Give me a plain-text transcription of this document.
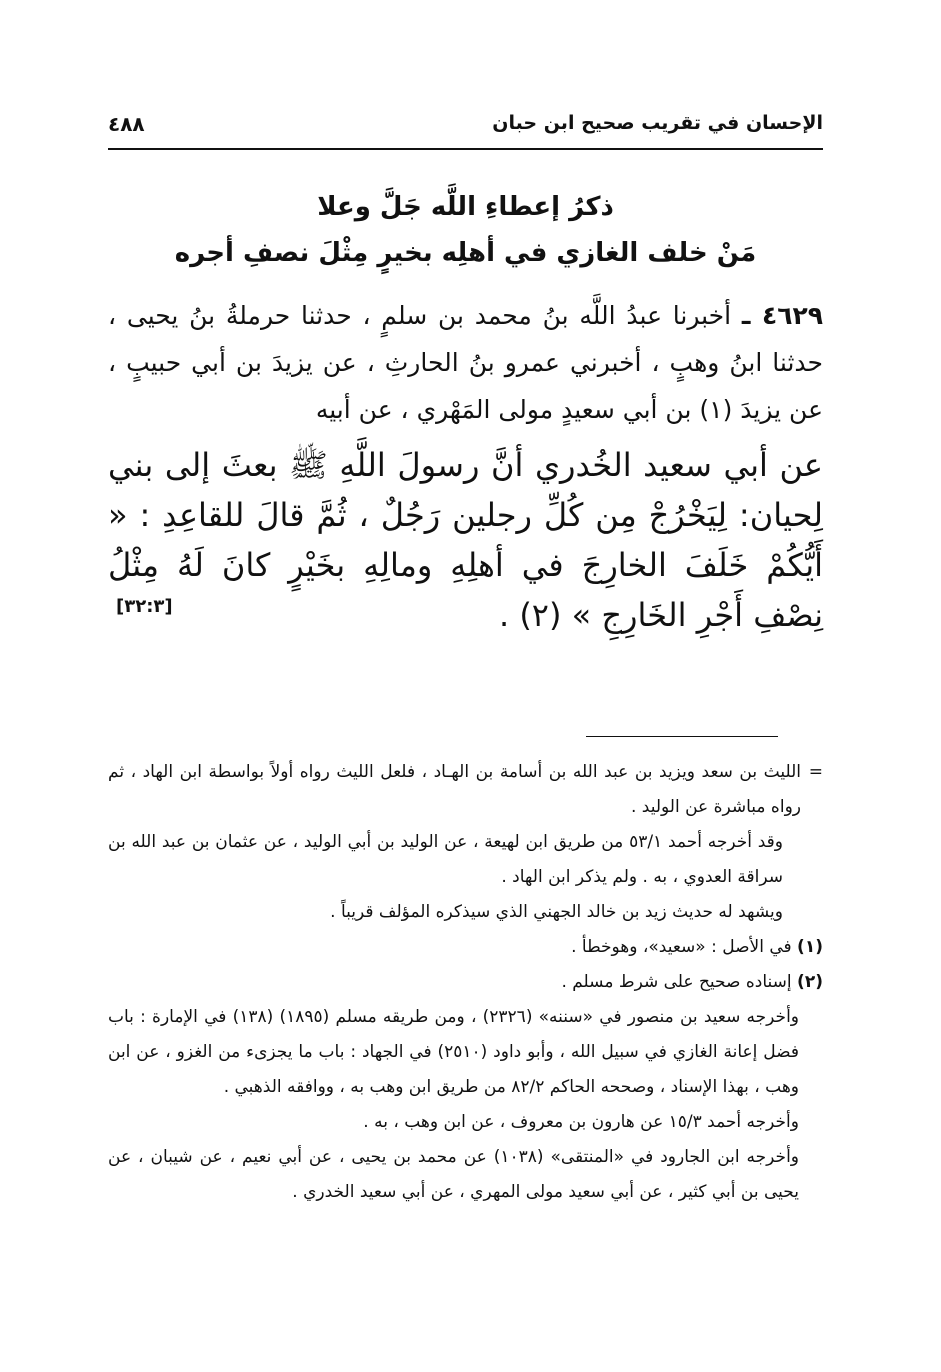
الإحسان في تقريب صحيح ابن حبان
٤٨٨
ذكرُ إعطاءِ اللَّه جَلَّ وعلا
مَنْ خلف الغازي في أهلِه بخيرٍ مِثْلَ نصفِ أجره
٤٦٢٩ ـ أخبرنا عبدُ اللَّه بنُ محمد بن سلمٍ ، حدثنا حرملةُ بنُ يحيى ، حدثنا ابنُ وهبٍ ، أخبرني عمرو بنُ الحارثِ ، عن يزيدَ بن أبي حبيبٍ ، عن يزيدَ (١) بن أبي سعيدٍ مولى المَهْري ، عن أبيه
عن أبي سعيد الخُدري أنَّ رسولَ اللَّهِ ﷺ بعثَ إلى بني لِحيان: لِيَخْرُجْ مِن كُلِّ رجلين رَجُلٌ ، ثُمَّ قالَ للقاعِدِ : « أَيُّكُمْ خَلَفَ الخارِجَ في أهلِهِ ومالِهِ بخَيْرٍ كانَ لَهُ مِثْلُ نِصْفِ أَجْرِ الخَارِجِ » (٢) .
[٣٢:٣]

=
الليث بن سعد ويزيد بن عبد الله بن أسامة بن الهـاد ، فلعل الليث رواه أولاً بواسطة ابن الهاد ، ثم رواه مباشرة عن الوليد .

وقد أخرجه أحمد ٥٣/١ من طريق ابن لهيعة ، عن الوليد بن أبي الوليد ، عن عثمان بن عبد الله بن سراقة العدوي ، به . ولم يذكر ابن الهاد .

ويشهد له حديث زيد بن خالد الجهني الذي سيذكره المؤلف قريباً .

(١) في الأصل : «سعيد»، وهوخطأ .

(٢) إسناده صحيح على شرط مسلم .

وأخرجه سعيد بن منصور في «سننه» (٢٣٢٦) ، ومن طريقه مسلم (١٨٩٥) (١٣٨) في الإمارة : باب فضل إعانة الغازي في سبيل الله ، وأبو داود (٢٥١٠) في الجهاد : باب ما يجزىء من الغزو ، عن ابن وهب ، بهذا الإسناد ، وصححه الحاكم ٨٢/٢ من طريق ابن وهب به ، ووافقه الذهبي .

وأخرجه أحمد ١٥/٣ عن هارون بن معروف ، عن ابن وهب ، به .

وأخرجه ابن الجارود في «المنتقى» (١٠٣٨) عن محمد بن يحيى ، عن أبي نعيم ، عن شيبان ، عن يحيى بن أبي كثير ، عن أبي سعيد مولى المهري ، عن أبي سعيد الخدري .
